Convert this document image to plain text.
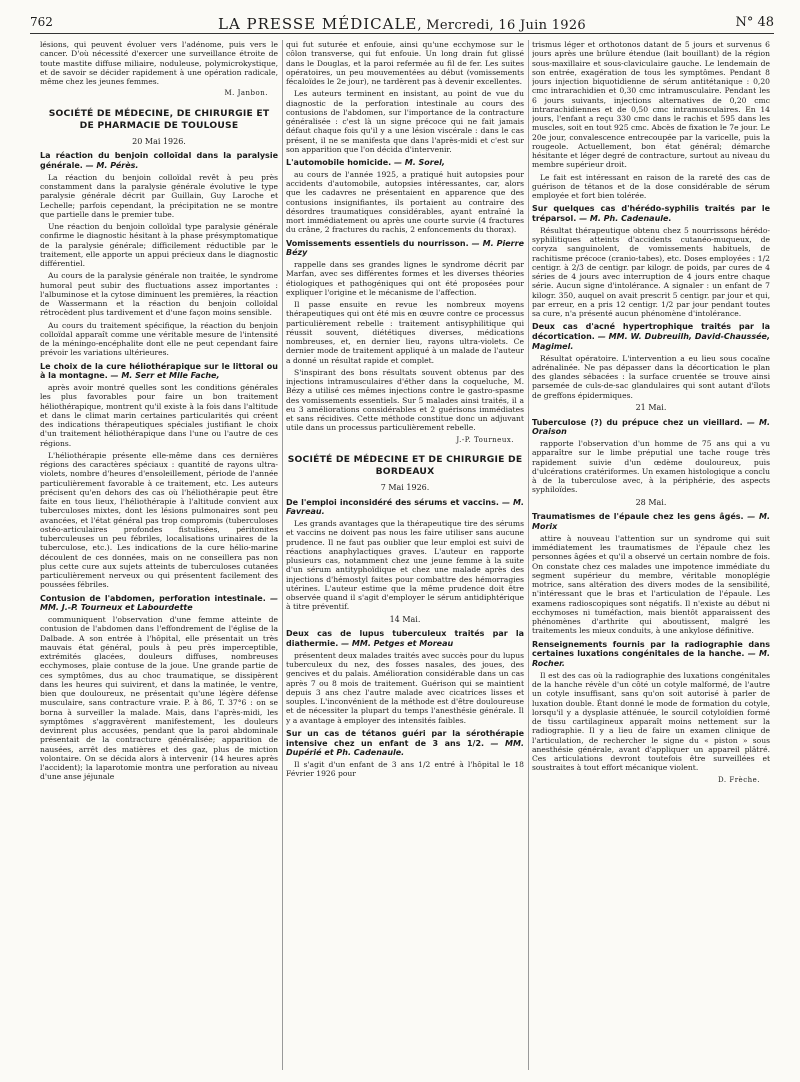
762	LA PRESSE MÉDICALE, Mercredi, 16 Juin 1926	N° 48

lésions, qui peuvent évoluer vers l'adénome, puis vers le cancer. D'où nécessité d'exercer une surveillance étroite de toute mastite diffuse miliaire, noduleuse, polymicrokystique, et de savoir se décider rapidement à une opération radicale, même chez les jeunes femmes.

M. Janbon.
SOCIÉTÉ DE MÉDECINE, DE CHIRURGIE ET DE PHARMACIE DE TOULOUSE
20 Mai 1926.
La réaction du benjoin colloïdal dans la paralysie générale. — M. Pérès.

La réaction du benjoin colloïdal revêt à peu près constamment dans la paralysie générale évolutive le type paralysie générale décrit par Guillain, Guy Laroche et Lechelle; parfois cependant, la précipitation ne se montre que partielle dans le premier tube.

Une réaction du benjoin colloïdal type paralysie générale confirme le diagnostic hésitant à la phase présymptomatique de la paralysie générale; difficilement réductible par le traitement, elle apporte un appui précieux dans le diagnostic différentiel.

Au cours de la paralysie générale non traitée, le syndrome humoral peut subir des fluctuations assez importantes : l'albuminose et la cytose diminuent les premières, la réaction de Wassermann et la réaction du benjoin colloïdal rétrocèdent plus tardivement et d'une façon moins sensible.

Au cours du traitement spécifique, la réaction du benjoin colloïdal apparaît comme une véritable mesure de l'intensité de la méningo-encéphalite dont elle ne peut cependant faire prévoir les variations ultérieures.

Le choix de la cure héliothérapique sur le littoral ou à la montagne. — M. Serr et Mlle Fache,

après avoir montré quelles sont les conditions générales les plus favorables pour faire un bon traitement héliothérapique, montrent qu'il existe à la fois dans l'altitude et dans le climat marin certaines particularités qui créent des indications thérapeutiques spéciales justifiant le choix d'un traitement héliothérapique dans l'une ou l'autre de ces régions.

L'héliothérapie présente elle-même dans ces dernières régions des caractères spéciaux : quantité de rayons ultra-violets, nombre d'heures d'ensoleillement, période de l'année particulièrement favorable à ce traitement, etc. Les auteurs précisent qu'en dehors des cas où l'héliothérapie peut être faite en tous lieux, l'héliothérapie à l'altitude convient aux tuberculoses mixtes, dont les lésions pulmonaires sont peu avancées, et l'état général pas trop compromis (tuberculoses ostéo-articulaires profondes fistulisées, péritonites tuberculeuses un peu fébriles, localisations urinaires de la tuberculose, etc.). Les indications de la cure hélio-marine découlent de ces données, mais on ne conseillera pas non plus cette cure aux sujets atteints de tuberculoses cutanées particulièrement nerveux ou qui présentent facilement des poussées fébriles.

Contusion de l'abdomen, perforation intestinale. — MM. J.-P. Tourneux et Labourdette

communiquent l'observation d'une femme atteinte de contusion de l'abdomen dans l'effondrement de l'église de la Dalbade. A son entrée à l'hôpital, elle présentait un très mauvais état général, pouls à peu près imperceptible, extrémités glacées, douleurs diffuses, nombreuses ecchymoses, plaie contuse de la joue. Une grande partie de ces symptômes, dus au choc traumatique, se dissipèrent dans les heures qui suivirent, et dans la matinée, le ventre, bien que douloureux, ne présentait qu'une légère défense musculaire, sans contracture vraie. P. à 86, T. 37°6 : on se borna à surveiller la malade. Mais, dans l'après-midi, les symptômes s'aggravèrent manifestement, les douleurs devinrent plus accusées, pendant que la paroi abdominale présentait de la contracture généralisée; apparition de nausées, arrêt des matières et des gaz, plus de miction volontaire. On se décida alors à intervenir (14 heures après l'accident); la laparotomie montra une perforation au niveau d'une anse jéjunale

qui fut suturée et enfouie, ainsi qu'une ecchymose sur le côlon transverse, qui fut enfouie. Un long drain fut glissé dans le Douglas, et la paroi refermée au fil de fer. Les suites opératoires, un peu mouvementées au début (vomissements fécaloïdes le 2e jour), ne tardèrent pas à devenir excellentes.

Les auteurs terminent en insistant, au point de vue du diagnostic de la perforation intestinale au cours des contusions de l'abdomen, sur l'importance de la contracture généralisée : c'est là un signe précoce qui ne fait jamais défaut chaque fois qu'il y a une lésion viscérale : dans le cas présent, il ne se manifesta que dans l'après-midi et c'est sur son apparition que l'on décida d'intervenir.

L'automobile homicide. — M. Sorel,

au cours de l'année 1925, a pratiqué huit autopsies pour accidents d'automobile, autopsies intéressantes, car, alors que les cadavres ne présentaient en apparence que des contusions insignifiantes, ils portaient au contraire des désordres traumatiques considérables, ayant entraîné la mort immédiatement ou après une courte survie (4 fractures du crâne, 2 fractures du rachis, 2 enfoncements du thorax).

Vomissements essentiels du nourrisson. — M. Pierre Bézy

rappelle dans ses grandes lignes le syndrome décrit par Marfan, avec ses différentes formes et les diverses théories étiologiques et pathogéniques qui ont été proposées pour expliquer l'origine et le mécanisme de l'affection.

Il passe ensuite en revue les nombreux moyens thérapeutiques qui ont été mis en œuvre contre ce processus particulièrement rebelle : traitement antisyphilitique qui réussit souvent, diététiques diverses, médications nombreuses, et, en dernier lieu, rayons ultra-violets. Ce dernier mode de traitement appliqué à un malade de l'auteur a donné un résultat rapide et complet.

S'inspirant des bons résultats souvent obtenus par des injections intramusculaires d'éther dans la coqueluche, M. Bézy a utilisé ces mêmes injections contre le gastro-spasme des vomissements essentiels. Sur 5 malades ainsi traités, il a eu 3 améliorations considérables et 2 guérisons immédiates et sans récidives. Cette méthode constitue donc un adjuvant utile dans un processus particulièrement rebelle.

J.-P. Tourneux.
SOCIÉTÉ DE MÉDECINE ET DE CHIRURGIE DE BORDEAUX
7 Mai 1926.
De l'emploi inconsidéré des sérums et vaccins. — M. Favreau.

Les grands avantages que la thérapeutique tire des sérums et vaccins ne doivent pas nous les faire utiliser sans aucune prudence. Il ne faut pas oublier que leur emploi est suivi de réactions anaphylactiques graves. L'auteur en rapporte plusieurs cas, notamment chez une jeune femme à la suite d'un sérum antityphoïdique et chez une malade après des injections d'hémostyl faites pour combattre des hémorragies utérines. L'auteur estime que la même prudence doit être observée quand il s'agit d'employer le sérum antidiphtérique à titre préventif.

14 Mai.
Deux cas de lupus tuberculeux traités par la diathermie. — MM. Petges et Moreau

présentent deux malades traités avec succès pour du lupus tuberculeux du nez, des fosses nasales, des joues, des gencives et du palais. Amélioration considérable dans un cas après 7 ou 8 mois de traitement. Guérison qui se maintient depuis 3 ans chez l'autre malade avec cicatrices lisses et souples. L'inconvénient de la méthode est d'être douloureuse et de nécessiter la plupart du temps l'anesthésie générale. Il y a avantage à employer des intensités faibles.

Sur un cas de tétanos guéri par la sérothérapie intensive chez un enfant de 3 ans 1/2. — MM. Dupérié et Ph. Cadenaule.

Il s'agit d'un enfant de 3 ans 1/2 entré à l'hôpital le 18 Février 1926 pour

trismus léger et orthotonos datant de 5 jours et survenus 6 jours après une brûlure étendue (lait bouillant) de la région sous-maxillaire et sous-claviculaire gauche. Le lendemain de son entrée, exagération de tous les symptômes. Pendant 8 jours injection biquotidienne de sérum antitétanique : 0,20 cmc intrarachidien et 0,30 cmc intramusculaire. Pendant les 6 jours suivants, injections alternatives de 0,20 cmc intrarachidiennes et de 0,50 cmc intramusculaires. En 14 jours, l'enfant a reçu 330 cmc dans le rachis et 595 dans les muscles, soit en tout 925 cmc. Abcès de fixation le 7e jour. Le 20e jour, convalescence entrecoupée par la varicelle, puis la rougeole. Actuellement, bon état général; démarche hésitante et léger degré de contracture, surtout au niveau du membre supérieur droit.

Le fait est intéressant en raison de la rareté des cas de guérison de tétanos et de la dose considérable de sérum employée et fort bien tolérée.

Sur quelques cas d'hérédo-syphilis traités par le tréparsol. — M. Ph. Cadenaule.

Résultat thérapeutique obtenu chez 5 nourrissons hérédo-syphilitiques atteints d'accidents cutanéo-muqueux, de coryza sanguinolent, de vomissements habituels, de rachitisme précoce (cranio-tabes), etc. Doses employées : 1/2 centigr. à 2/3 de centigr. par kilogr. de poids, par cures de 4 séries de 4 jours avec interruption de 4 jours entre chaque série. Aucun signe d'intolérance. A signaler : un enfant de 7 kilogr. 350, auquel on avait prescrit 5 centigr. par jour et qui, par erreur, en a pris 12 centigr. 1/2 par jour pendant toutes sa cure, n'a présenté aucun phénomène d'intolérance.

Deux cas d'acné hypertrophique traités par la décortication. — MM. W. Dubreuilh, David-Chaussée, Magimel.

Résultat opératoire. L'intervention a eu lieu sous cocaïne adrénalinée. Ne pas dépasser dans la décortication le plan des glandes sébacées : la surface cruentée se trouve ainsi parsemée de culs-de-sac glandulaires qui sont autant d'îlots de greffons épidermiques.

21 Mai.
Tuberculose (?) du prépuce chez un vieillard. — M. Oraison

rapporte l'observation d'un homme de 75 ans qui a vu apparaître sur le limbe préputial une tache rouge très rapidement suivie d'un œdème douloureux, puis d'ulcérations cratériformes. Un examen histologique a conclu à de la tuberculose avec, à la périphérie, des aspects syphiloïdes.

28 Mai.
Traumatismes de l'épaule chez les gens âgés. — M. Morix

attire à nouveau l'attention sur un syndrome qui suit immédiatement les traumatismes de l'épaule chez les personnes âgées et qu'il a observé un certain nombre de fois. On constate chez ces malades une impotence immédiate du segment supérieur du membre, véritable monoplégie motrice, sans altération des divers modes de la sensibilité, n'intéressant que le bras et l'articulation de l'épaule. Les examens radioscopiques sont négatifs. Il n'existe au début ni ecchymoses ni tuméfaction, mais bientôt apparaissent des phénomènes d'arthrite qui aboutissent, malgré les traitements les mieux conduits, à une ankylose définitive.

Renseignements fournis par la radiographie dans certaines luxations congénitales de la hanche. — M. Rocher.

Il est des cas où la radiographie des luxations congénitales de la hanche révèle d'un côté un cotyle malformé, de l'autre un cotyle insuffisant, sans qu'on soit autorisé à parler de luxation double. Étant donné le mode de formation du cotyle, lorsqu'il y a dysplasie atténuée, le sourcil cotyloïdien formé de tissu cartilagineux apparaît moins nettement sur la radiographie. Il y a lieu de faire un examen clinique de l'articulation, de rechercher le signe du « piston » sous anesthésie générale, avant d'appliquer un appareil plâtré. Ces articulations devront toutefois être surveillées et soustraites à tout effort mécanique violent.

D. Frèche.
